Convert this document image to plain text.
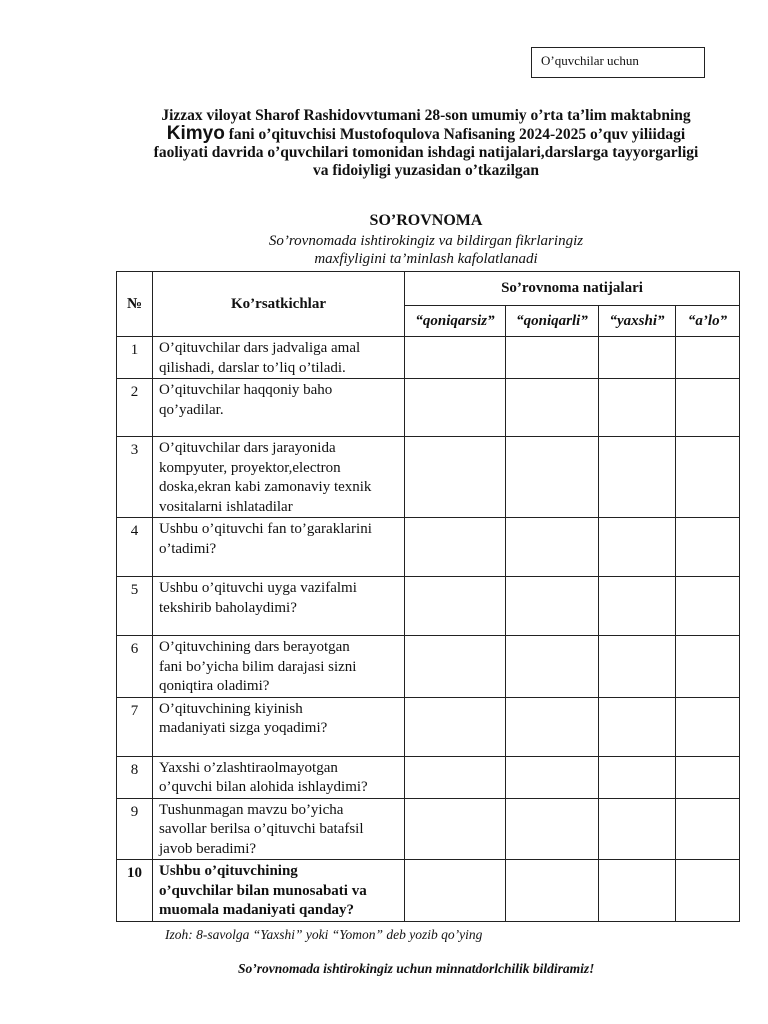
O’quvchilar uchun
Jizzax viloyat Sharof Rashidovvtumani 28-son umumiy o’rta ta’lim maktabning
Kimyo fani o’qituvchisi Mustofoqulova Nafisaning 2024-2025 o’quv yiliidagi
faoliyati davrida o’quvchilari tomonidan ishdagi natijalari,darslarga tayyorgarligi
va fidoiyligi yuzasidan o’tkazilgan
SO’ROVNOMA
So’rovnomada ishtirokingiz va bildirgan fikrlaringiz
maxfiyligini ta’minlash kafolatlanadi
№	Ko’rsatkichlar	So’rovnoma natijalari			
		“qoniqarsiz”	“qoniqarli”	“yaxshi”	“a’lo”
1	O’qituvchilar dars jadvaliga amal
qilishadi, darslar to’liq o’tiladi.				

2	O’qituvchilar haqqoniy baho
qo’yadilar.				

3	O’qituvchilar dars jarayonida
kompyuter, proyektor,electron
doska,ekran kabi zamonaviy texnik
vositalarni ishlatadilar				

4	Ushbu o’qituvchi fan to’garaklarini
o’tadimi?				

5	Ushbu o’qituvchi uyga vazifalmi
tekshirib baholaydimi?				

6	O’qituvchining dars berayotgan
fani bo’yicha bilim darajasi sizni
qoniqtira oladimi?				

7	O’qituvchining kiyinish
madaniyati sizga yoqadimi?				

8	Yaxshi o’zlashtiraolmayotgan
o’quvchi bilan alohida ishlaydimi?				

9	Tushunmagan mavzu bo’yicha
savollar berilsa o’qituvchi batafsil
javob beradimi?				

10	Ushbu o’qituvchining
o’quvchilar bilan munosabati va
muomala madaniyati qanday?				

Izoh: 8-savolga “Yaxshi” yoki “Yomon” deb yozib qo’ying
So’rovnomada ishtirokingiz uchun minnatdorlchilik bildiramiz!
